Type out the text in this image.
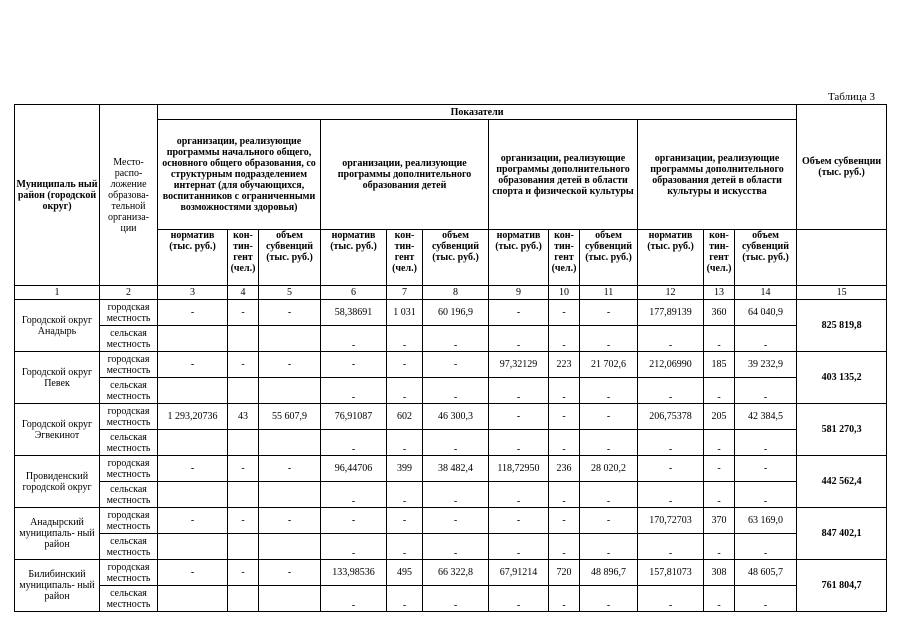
Таблица 3
Муниципаль ный район (городской округ)	Место- распо- ложение образова- тельной организа- ции	Показатели												Объем субвенции (тыс. руб.)
		организации, реализующие программы начального общего, основного общего образования, со структурным подразделением интернат (для обучающихся, воспитанников с ограниченными возможностями здоровья)			организации, реализующие программы дополнительного образования детей			организации, реализующие программы дополнительного образования детей в области спорта и физической культуры			организации, реализующие программы дополнительного образования детей в области культуры и искусства			
		норматив (тыс. руб.)	кон- тин- гент (чел.)	объем субвенций (тыс. руб.)	норматив (тыс. руб.)	кон- тин- гент (чел.)	объем субвенций (тыс. руб.)	норматив (тыс. руб.)	кон- тин- гент (чел.)	объем субвенций (тыс. руб.)	норматив (тыс. руб.)	кон- тин- гент (чел.)	объем субвенций (тыс. руб.)	
1	2	3	4	5	6	7	8	9	10	11	12	13	14	15
Городской округ Анадырь	городская местность	-	-	-	58,38691	1 031	60 196,9	-	-	-	177,89139	360	64 040,9	825 819,8
	сельская местность				-	-	-	-	-	-	-	-	-	
Городской округ Певек	городская местность	-	-	-	-	-	-	97,32129	223	21 702,6	212,06990	185	39 232,9	403 135,2
	сельская местность				-	-	-	-	-	-	-	-	-	
Городской округ Эгвекинот	городская местность	1 293,20736	43	55 607,9	76,91087	602	46 300,3	-	-	-	206,75378	205	42 384,5	581 270,3
	сельская местность				-	-	-	-	-	-	-	-	-	
Провиденский городской округ	городская местность	-	-	-	96,44706	399	38 482,4	118,72950	236	28 020,2	-	-	-	442 562,4
	сельская местность				-	-	-	-	-	-	-	-	-	
Анадырский муниципаль- ный район	городская местность	-	-	-	-	-	-	-	-	-	170,72703	370	63 169,0	847 402,1
	сельская местность				-	-	-	-	-	-	-	-	-	
Билибинский муниципаль- ный район	городская местность	-	-	-	133,98536	495	66 322,8	67,91214	720	48 896,7	157,81073	308	48 605,7	761 804,7
	сельская местность				-	-	-	-	-	-	-	-	-	
